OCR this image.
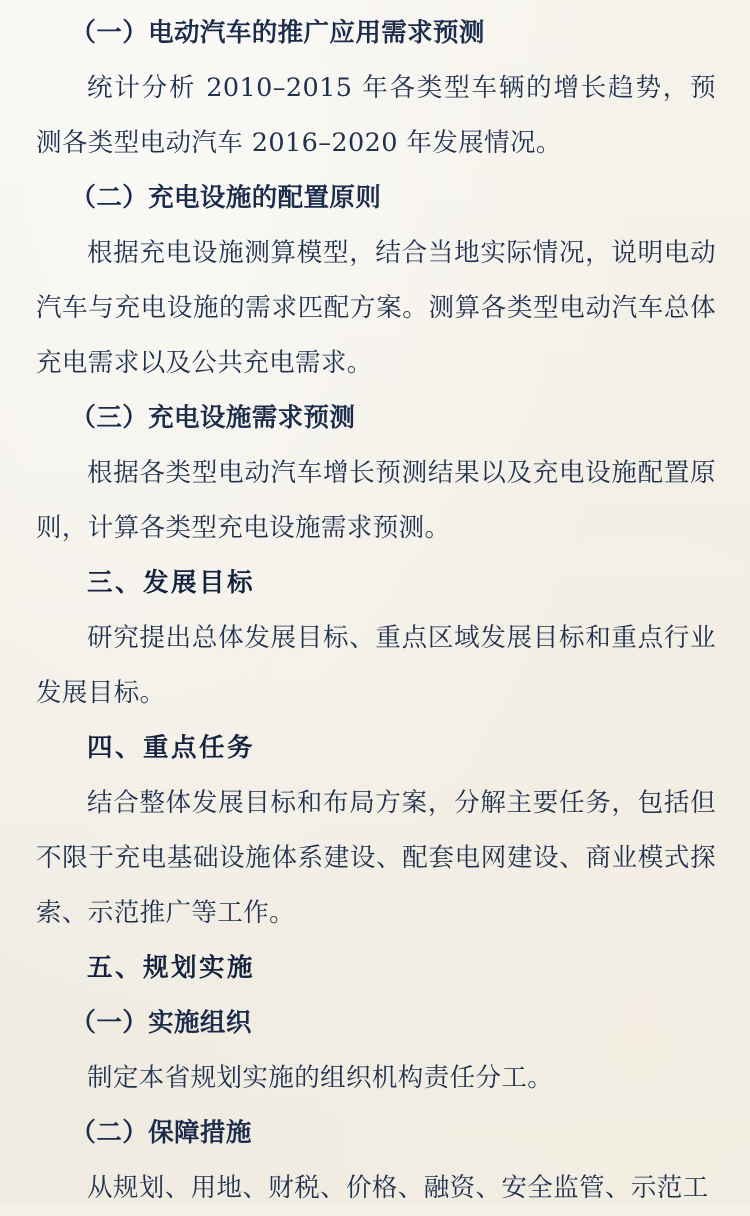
（一）电动汽车的推广应用需求预测

统计分析 2010–2015 年各类型车辆的增长趋势，预测各类型电动汽车 2016–2020 年发展情况。

（二）充电设施的配置原则

根据充电设施测算模型，结合当地实际情况，说明电动汽车与充电设施的需求匹配方案。测算各类型电动汽车总体充电需求以及公共充电需求。

（三）充电设施需求预测

根据各类型电动汽车增长预测结果以及充电设施配置原则，计算各类型充电设施需求预测。

三、发展目标

研究提出总体发展目标、重点区域发展目标和重点行业发展目标。

四、重点任务

结合整体发展目标和布局方案，分解主要任务，包括但不限于充电基础设施体系建设、配套电网建设、商业模式探索、示范推广等工作。

五、规划实施

（一）实施组织

制定本省规划实施的组织机构责任分工。

（二）保障措施

从规划、用地、财税、价格、融资、安全监管、示范工
